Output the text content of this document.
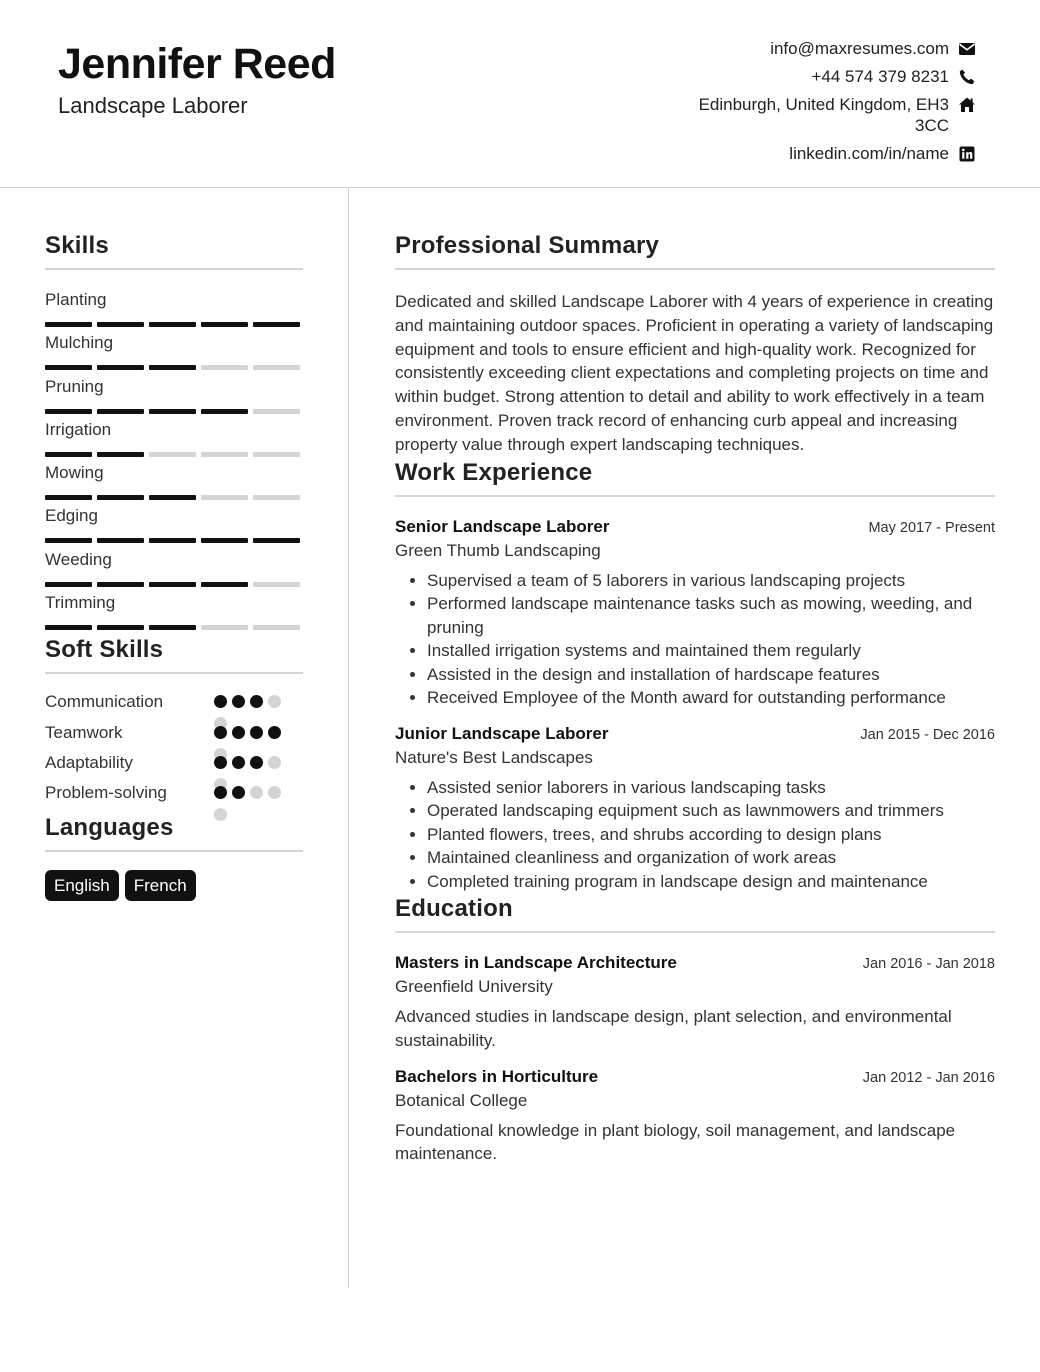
Jennifer Reed
Landscape Laborer
info@maxresumes.com
+44 574 379 8231
Edinburgh, United Kingdom, EH3 3CC
linkedin.com/in/name
Skills
Planting
Mulching
Pruning
Irrigation
Mowing
Edging
Weeding
Trimming
Soft Skills
Communication
Teamwork
Adaptability
Problem-solving
Languages
English	French
Professional Summary
Dedicated and skilled Landscape Laborer with 4 years of experience in creating and maintaining outdoor spaces. Proficient in operating a variety of landscaping equipment and tools to ensure efficient and high-quality work. Recognized for consistently exceeding client expectations and completing projects on time and within budget. Strong attention to detail and ability to work effectively in a team environment. Proven track record of enhancing curb appeal and increasing property value through expert landscaping techniques.
Work Experience
Senior Landscape Laborer	May 2017 - Present
Green Thumb Landscaping
• Supervised a team of 5 laborers in various landscaping projects
• Performed landscape maintenance tasks such as mowing, weeding, and pruning
• Installed irrigation systems and maintained them regularly
• Assisted in the design and installation of hardscape features
• Received Employee of the Month award for outstanding performance
Junior Landscape Laborer	Jan 2015 - Dec 2016
Nature's Best Landscapes
• Assisted senior laborers in various landscaping tasks
• Operated landscaping equipment such as lawnmowers and trimmers
• Planted flowers, trees, and shrubs according to design plans
• Maintained cleanliness and organization of work areas
• Completed training program in landscape design and maintenance
Education
Masters in Landscape Architecture	Jan 2016 - Jan 2018
Greenfield University
Advanced studies in landscape design, plant selection, and environmental sustainability.
Bachelors in Horticulture	Jan 2012 - Jan 2016
Botanical College
Foundational knowledge in plant biology, soil management, and landscape maintenance.
